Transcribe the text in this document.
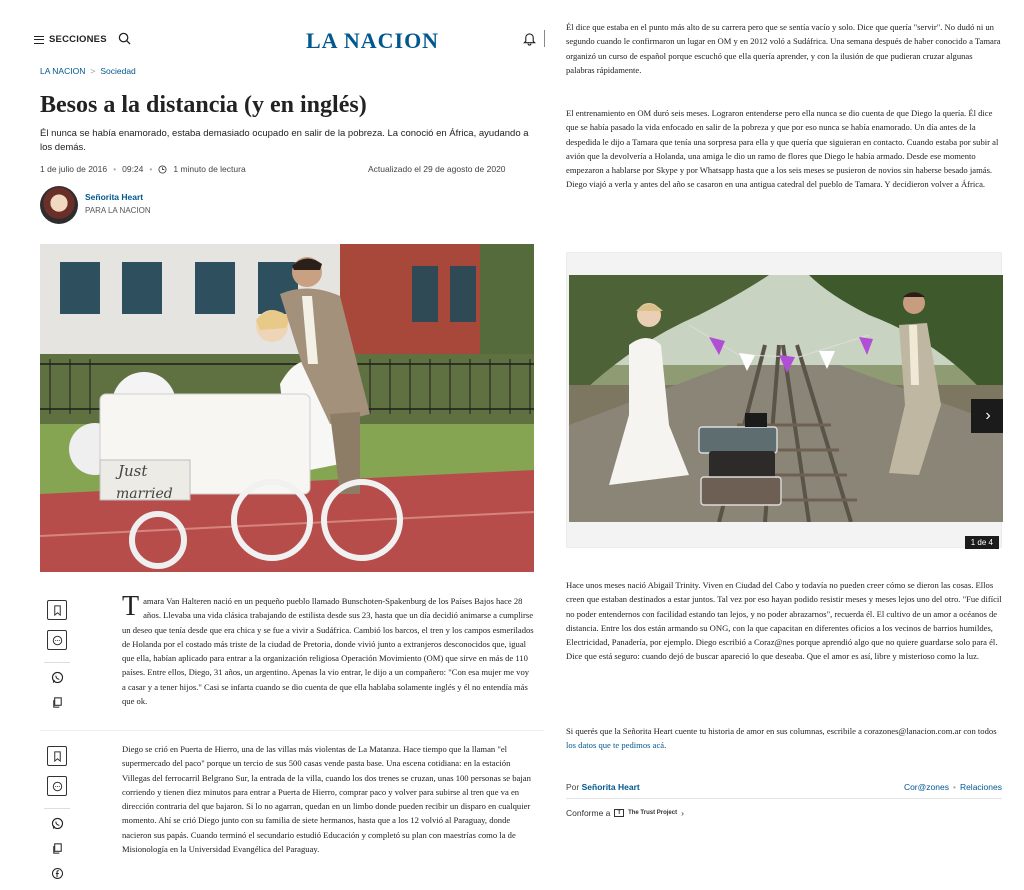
SECCIONES	LA NACION
LA NACION > Sociedad
Besos a la distancia (y en inglés)

Él nunca se había enamorado, estaba demasiado ocupado en salir de la pobreza. La conoció en África, ayudando a los demás.

1 de julio de 2016 • 09:24 • 1 minuto de lectura	Actualizado el 29 de agosto de 2020
Señorita Heart
PARA LA NACION
Just
married
Tamara Van Halteren nació en un pequeño pueblo llamado Bunschoten-Spakenburg de los Países Bajos hace 28 años. Llevaba una vida clásica trabajando de estilista desde sus 23, hasta que un día decidió animarse a cumplirse un deseo que tenía desde que era chica y se fue a vivir a Sudáfrica. Cambió los barcos, el tren y los campos esmerilados de Holanda por el costado más triste de la ciudad de Pretoria, donde vivió junto a extranjeros desconocidos que, igual que ella, habían aplicado para entrar a la organización religiosa Operación Movimiento (OM) que sirve en más de 110 países. Entre ellos, Diego, 31 años, un argentino. Apenas la vio entrar, le dijo a un compañero: "Con esa mujer me voy a casar y a tener hijos." Casi se infarta cuando se dio cuenta de que ella hablaba solamente inglés y él no entendía más que ok.

Diego se crió en Puerta de Hierro, una de las villas más violentas de La Matanza. Hace tiempo que la llaman "el supermercado del paco" porque un tercio de sus 500 casas vende pasta base. Una escena cotidiana: en la estación Villegas del ferrocarril Belgrano Sur, la entrada de la villa, cuando los dos trenes se cruzan, unas 100 personas se bajan corriendo y tienen diez minutos para entrar a Puerta de Hierro, comprar paco y volver para subirse al tren que va en dirección contraria del que bajaron. Si lo no agarran, quedan en un limbo donde pueden recibir un disparo en cualquier momento. Ahí se crió Diego junto con su familia de siete hermanos, hasta que a los 12 volvió al Paraguay, donde nacieron sus papás. Cuando terminó el secundario estudió Educación y completó su plan con maestrías como la de Misionología en la Universidad Evangélica del Paraguay.

Él dice que estaba en el punto más alto de su carrera pero que se sentía vacío y solo. Dice que quería "servir". No dudó ni un segundo cuando le confirmaron un lugar en OM y en 2012 voló a Sudáfrica. Una semana después de haber conocido a Tamara organizó un curso de español porque escuchó que ella quería aprender, y con la ilusión de que pudieran cruzar algunas palabras rápidamente.

El entrenamiento en OM duró seis meses. Lograron entenderse pero ella nunca se dio cuenta de que Diego la quería. Él dice que se había pasado la vida enfocado en salir de la pobreza y que por eso nunca se había enamorado. Un día antes de la despedida le dijo a Tamara que tenía una sorpresa para ella y que quería que siguieran en contacto. Cuando estaba por subir al avión que la devolvería a Holanda, una amiga le dio un ramo de flores que Diego le había armado. Desde ese momento empezaron a hablarse por Skype y por Whatsapp hasta que a los seis meses se pusieron de novios sin haberse besado jamás. Diego viajó a verla y antes del año se casaron en una antigua catedral del pueblo de Tamara. Y decidieron volver a África.

›
1 de 4

Hace unos meses nació Abigail Trinity. Viven en Ciudad del Cabo y todavía no pueden creer cómo se dieron las cosas. Ellos creen que estaban destinados a estar juntos. Tal vez por eso hayan podido resistir meses y meses lejos uno del otro. "Fue difícil no poder entendernos con facilidad estando tan lejos, y no poder abrazarnos", recuerda él. El cultivo de un amor a océanos de distancia. Entre los dos están armando su ONG, con la que capacitan en diferentes oficios a los vecinos de barrios humildes, Electricidad, Panadería, por ejemplo. Diego escribió a Coraz@nes porque aprendió algo que no quiere guardarse solo para él. Dice que está seguro: cuando dejó de buscar apareció lo que deseaba. Que el amor es así, libre y misterioso como la luz.

Si querés que la Señorita Heart cuente tu historia de amor en sus columnas, escribile a corazones@lanacion.com.ar con todos los datos que te pedimos acá.

Por Señorita Heart	Cor@zones • Relaciones
Conforme a	T	The Trust Project ›
